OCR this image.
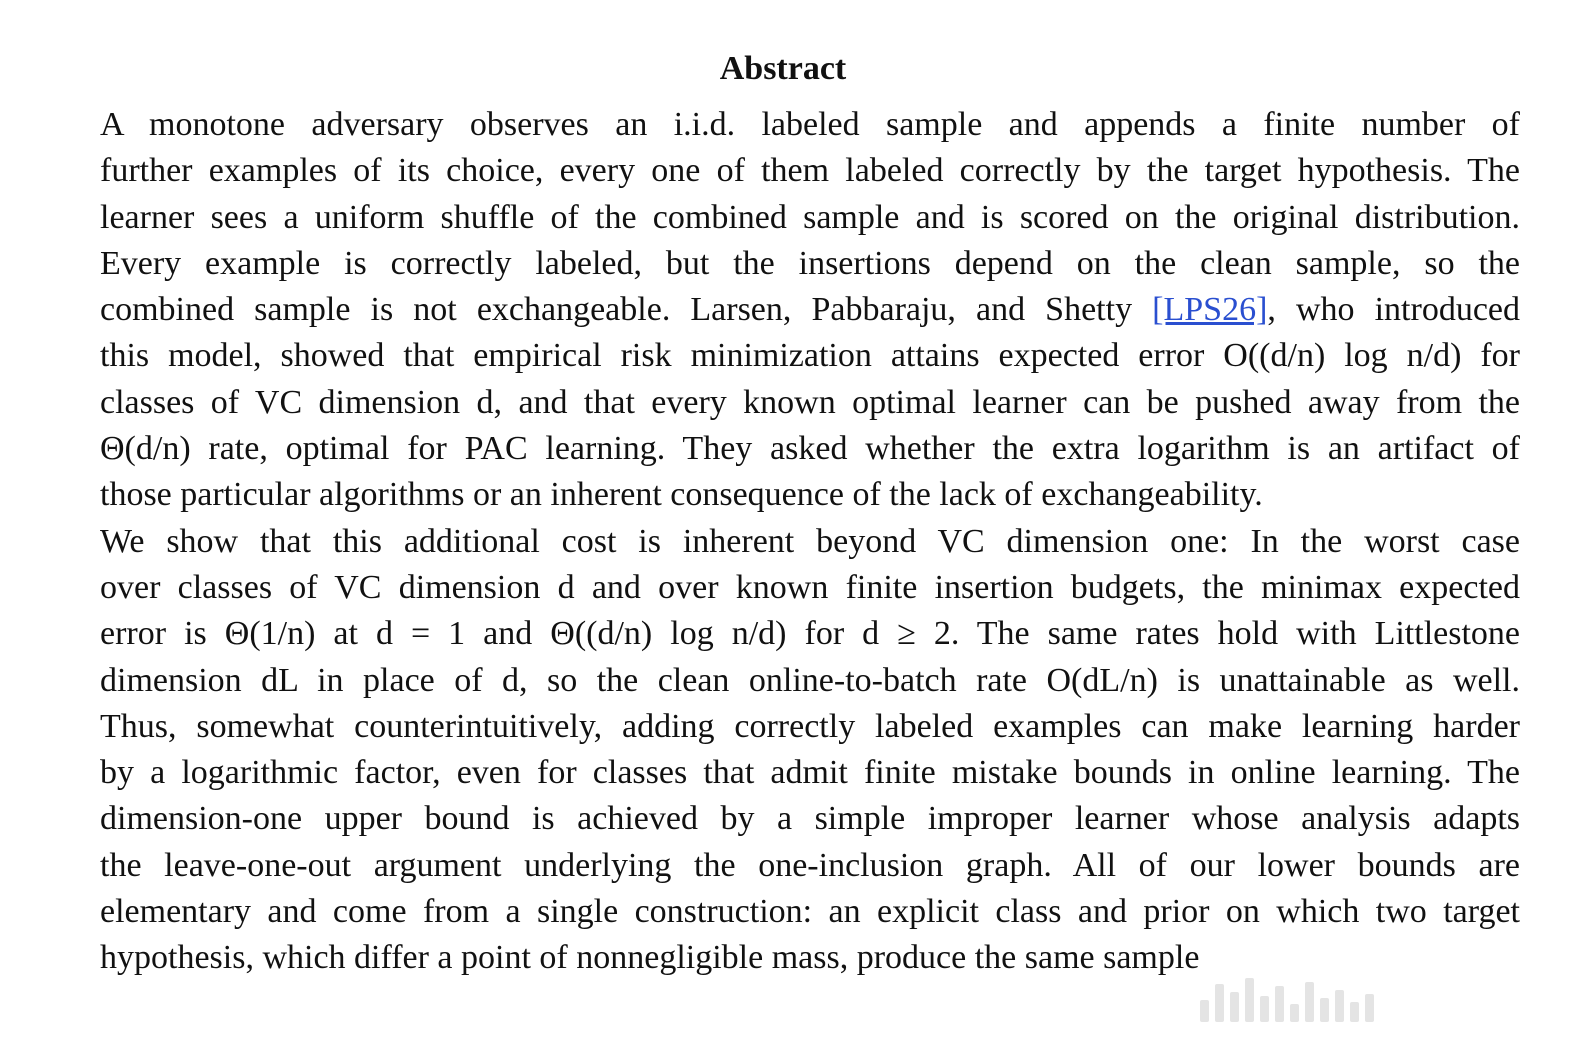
Abstract
A monotone adversary observes an i.i.d. labeled sample and appends a finite number of
further examples of its choice, every one of them labeled correctly by the target hypothesis. The
learner sees a uniform shuffle of the combined sample and is scored on the original distribution.
Every example is correctly labeled, but the insertions depend on the clean sample, so the
combined sample is not exchangeable. Larsen, Pabbaraju, and Shetty [LPS26], who introduced
this model, showed that empirical risk minimization attains expected error O((d/n) log n/d) for
classes of VC dimension d, and that every known optimal learner can be pushed away from the
Θ(d/n) rate, optimal for PAC learning. They asked whether the extra logarithm is an artifact of
those particular algorithms or an inherent consequence of the lack of exchangeability.
We show that this additional cost is inherent beyond VC dimension one: In the worst case
over classes of VC dimension d and over known finite insertion budgets, the minimax expected
error is Θ(1/n) at d = 1 and Θ((d/n) log n/d) for d ≥ 2. The same rates hold with Littlestone
dimension dL in place of d, so the clean online-to-batch rate O(dL/n) is unattainable as well.
Thus, somewhat counterintuitively, adding correctly labeled examples can make learning harder
by a logarithmic factor, even for classes that admit finite mistake bounds in online learning. The
dimension-one upper bound is achieved by a simple improper learner whose analysis adapts
the leave-one-out argument underlying the one-inclusion graph. All of our lower bounds are
elementary and come from a single construction: an explicit class and prior on which two target
hypothesis, which differ a point of nonnegligible mass, produce the same sample
